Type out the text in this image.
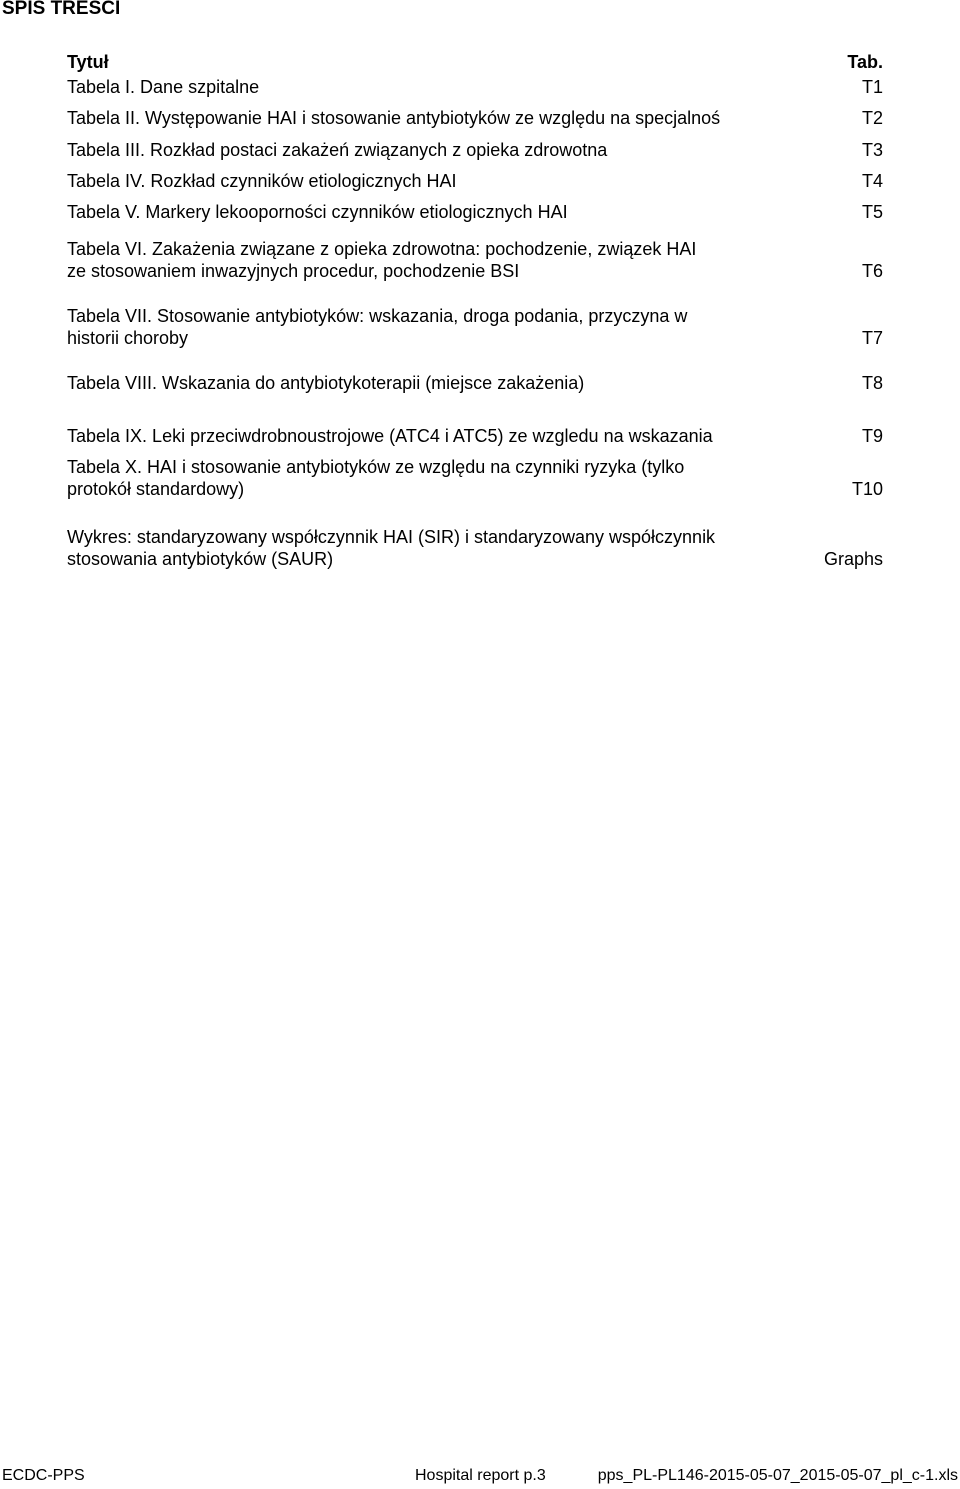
SPIS TRESCI
Tytuł	Tab.
Tabela I. Dane szpitalne	T1
Tabela II. Występowanie HAI i stosowanie antybiotyków ze względu na specjalnoś	T2
Tabela III. Rozkład postaci zakażeń związanych z opieka zdrowotna	T3
Tabela IV. Rozkład czynników etiologicznych HAI	T4
Tabela V. Markery lekooporności czynników etiologicznych HAI	T5
Tabela VI. Zakażenia związane z opieka zdrowotna: pochodzenie, związek HAI
ze stosowaniem inwazyjnych procedur, pochodzenie BSI	T6
Tabela VII. Stosowanie antybiotyków: wskazania, droga podania, przyczyna w
historii choroby	T7
Tabela VIII. Wskazania do antybiotykoterapii (miejsce zakażenia)	T8
Tabela IX. Leki przeciwdrobnoustrojowe (ATC4 i ATC5) ze wzgledu na wskazania	T9
Tabela X. HAI i stosowanie antybiotyków ze względu na czynniki ryzyka (tylko
protokół standardowy)	T10
Wykres: standaryzowany współczynnik HAI (SIR) i standaryzowany współczynnik
stosowania antybiotyków (SAUR)	Graphs
ECDC-PPS	Hospital report p.3	pps_PL-PL146-2015-05-07_2015-05-07_pl_c-1.xls
